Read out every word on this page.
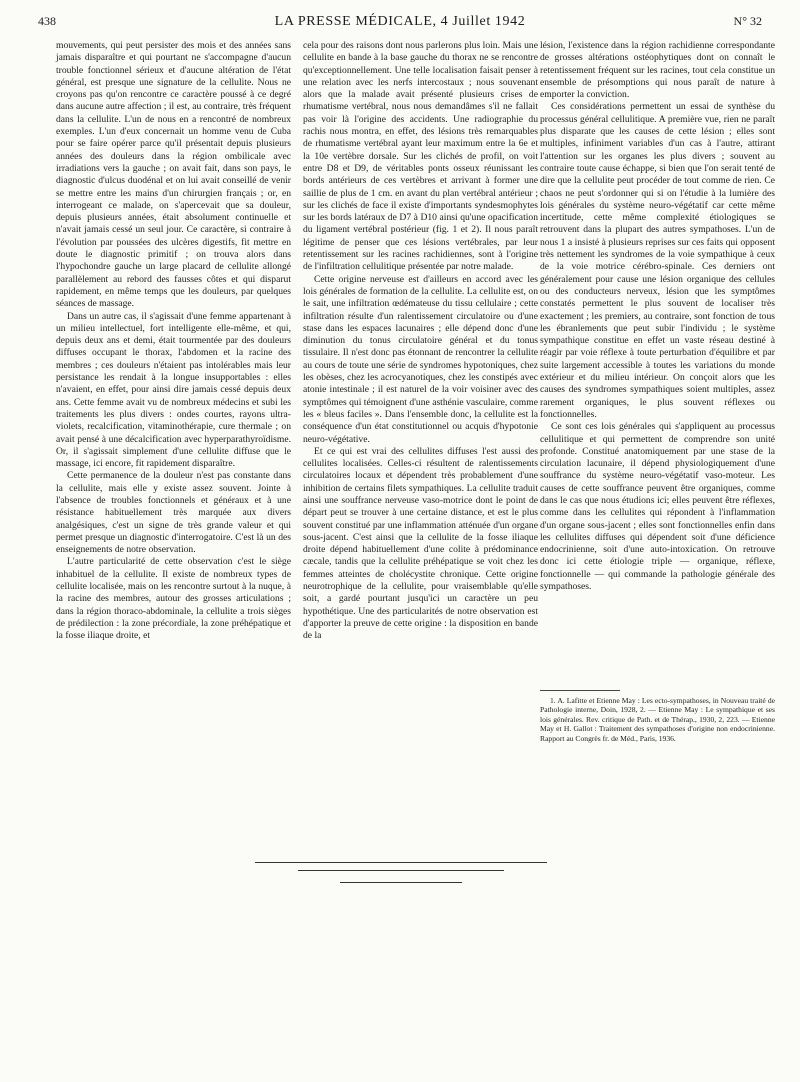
438	LA PRESSE MÉDICALE, 4 Juillet 1942	N° 32

mouvements, qui peut persister des mois et des années sans jamais disparaître et qui pourtant ne s'accompagne d'aucun trouble fonctionnel sérieux et d'aucune altération de l'état général, est presque une signature de la cellulite. Nous ne croyons pas qu'on rencontre ce caractère poussé à ce degré dans aucune autre affection ; il est, au contraire, très fréquent dans la cellulite. L'un de nous en a rencontré de nombreux exemples. L'un d'eux concernait un homme venu de Cuba pour se faire opérer parce qu'il présentait depuis plusieurs années des douleurs dans la région ombilicale avec irradiations vers la gauche ; on avait fait, dans son pays, le diagnostic d'ulcus duodénal et on lui avait conseillé de venir se mettre entre les mains d'un chirurgien français ; or, en interrogeant ce malade, on s'apercevait que sa douleur, depuis plusieurs années, était absolument continuelle et n'avait jamais cessé un seul jour. Ce caractère, si contraire à l'évolution par poussées des ulcères digestifs, fit mettre en doute le diagnostic primitif ; on trouva alors dans l'hypochondre gauche un large placard de cellulite allongé parallèlement au rebord des fausses côtes et qui disparut rapidement, en même temps que les douleurs, par quelques séances de massage.

Dans un autre cas, il s'agissait d'une femme appartenant à un milieu intellectuel, fort intelligente elle-même, et qui, depuis deux ans et demi, était tourmentée par des douleurs diffuses occupant le thorax, l'abdomen et la racine des membres ; ces douleurs n'étaient pas intolérables mais leur persistance les rendait à la longue insupportables : elles n'avaient, en effet, pour ainsi dire jamais cessé depuis deux ans. Cette femme avait vu de nombreux médecins et subi les traitements les plus divers : ondes courtes, rayons ultra-violets, recalcification, vitaminothérapie, cure thermale ; on avait pensé à une décalcification avec hyperparathyroïdisme. Or, il s'agissait simplement d'une cellulite diffuse que le massage, ici encore, fit rapidement disparaître.

Cette permanence de la douleur n'est pas constante dans la cellulite, mais elle y existe assez souvent. Jointe à l'absence de troubles fonctionnels et généraux et à une résistance habituellement très marquée aux divers analgésiques, c'est un signe de très grande valeur et qui permet presque un diagnostic d'interrogatoire. C'est là un des enseignements de notre observation.

L'autre particularité de cette observation c'est le siège inhabituel de la cellulite. Il existe de nombreux types de cellulite localisée, mais on les rencontre surtout à la nuque, à la racine des membres, autour des grosses articulations ; dans la région thoraco-abdominale, la cellulite a trois sièges de prédilection : la zone précordiale, la zone préhépatique et la fosse iliaque droite, et

cela pour des raisons dont nous parlerons plus loin. Mais une cellulite en bande à la base gauche du thorax ne se rencontre qu'exceptionnellement. Une telle localisation faisait penser à une relation avec les nerfs intercostaux ; nous souvenant alors que la malade avait présenté plusieurs crises de rhumatisme vertébral, nous nous demandâmes s'il ne fallait pas voir là l'origine des accidents. Une radiographie du rachis nous montra, en effet, des lésions très remarquables de rhumatisme vertébral ayant leur maximum entre la 6e et la 10e vertèbre dorsale. Sur les clichés de profil, on voit entre D8 et D9, de véritables ponts osseux réunissant les bords antérieurs de ces vertèbres et arrivant à former une saillie de plus de 1 cm. en avant du plan vertébral antérieur ; sur les clichés de face il existe d'importants syndesmophytes sur les bords latéraux de D7 à D10 ainsi qu'une opacification du ligament vertébral postérieur (fig. 1 et 2). Il nous paraît légitime de penser que ces lésions vertébrales, par leur retentissement sur les racines rachidiennes, sont à l'origine de l'infiltration cellulitique présentée par notre malade.

Cette origine nerveuse est d'ailleurs en accord avec les lois générales de formation de la cellulite. La cellulite est, on le sait, une infiltration œdémateuse du tissu cellulaire ; cette infiltration résulte d'un ralentissement circulatoire ou d'une stase dans les espaces lacunaires ; elle dépend donc d'une diminution du tonus circulatoire général et du tonus tissulaire. Il n'est donc pas étonnant de rencontrer la cellulite au cours de toute une série de syndromes hypotoniques, chez les obèses, chez les acrocyanotiques, chez les constipés avec atonie intestinale ; il est naturel de la voir voisiner avec des symptômes qui témoignent d'une asthénie vasculaire, comme les « bleus faciles ». Dans l'ensemble donc, la cellulite est la conséquence d'un état constitutionnel ou acquis d'hypotonie neuro-végétative.

Et ce qui est vrai des cellulites diffuses l'est aussi des cellulites localisées. Celles-ci résultent de ralentissements circulatoires locaux et dépendent très probablement d'une inhibition de certains filets sympathiques. La cellulite traduit ainsi une souffrance nerveuse vaso-motrice dont le point de départ peut se trouver à une certaine distance, et est le plus souvent constitué par une inflammation atténuée d'un organe sous-jacent. C'est ainsi que la cellulite de la fosse iliaque droite dépend habituellement d'une colite à prédominance cæcale, tandis que la cellulite préhépatique se voit chez les femmes atteintes de cholécystite chronique. Cette origine neurotrophique de la cellulite, pour vraisemblable qu'elle soit, a gardé pourtant jusqu'ici un caractère un peu hypothétique. Une des particularités de notre observation est d'apporter la preuve de cette origine : la disposition en bande de la

lésion, l'existence dans la région rachidienne correspondante de grosses altérations ostéophytiques dont on connaît le retentissement fréquent sur les racines, tout cela constitue un ensemble de présomptions qui nous paraît de nature à emporter la conviction.

Ces considérations permettent un essai de synthèse du processus général cellulitique. A première vue, rien ne paraît plus disparate que les causes de cette lésion ; elles sont multiples, infiniment variables d'un cas à l'autre, attirant l'attention sur les organes les plus divers ; souvent au contraire toute cause échappe, si bien que l'on serait tenté de dire que la cellulite peut procéder de tout comme de rien. Ce chaos ne peut s'ordonner qui si on l'étudie à la lumière des lois générales du système neuro-végétatif car cette même incertitude, cette même complexité étiologiques se retrouvent dans la plupart des autres sympathoses. L'un de nous 1 a insisté à plusieurs reprises sur ces faits qui opposent très nettement les syndromes de la voie sympathique à ceux de la voie motrice cérébro-spinale. Ces derniers ont généralement pour cause une lésion organique des cellules ou des conducteurs nerveux, lésion que les symptômes constatés permettent le plus souvent de localiser très exactement ; les premiers, au contraire, sont fonction de tous les ébranlements que peut subir l'individu ; le système sympathique constitue en effet un vaste réseau destiné à réagir par voie réflexe à toute perturbation d'équilibre et par suite largement accessible à toutes les variations du monde extérieur et du milieu intérieur. On conçoit alors que les causes des syndromes sympathiques soient multiples, assez rarement organiques, le plus souvent réflexes ou fonctionnelles.

Ce sont ces lois générales qui s'appliquent au processus cellulitique et qui permettent de comprendre son unité profonde. Constitué anatomiquement par une stase de la circulation lacunaire, il dépend physiologiquement d'une souffrance du système neuro-végétatif vaso-moteur. Les causes de cette souffrance peuvent être organiques, comme dans le cas que nous étudions ici; elles peuvent être réflexes, comme dans les cellulites qui répondent à l'inflammation d'un organe sous-jacent ; elles sont fonctionnelles enfin dans les cellulites diffuses qui dépendent soit d'une déficience endocrinienne, soit d'une auto-intoxication. On retrouve donc ici cette étiologie triple — organique, réflexe, fonctionnelle — qui commande la pathologie générale des sympathoses.

1. A. Lafitte et Etienne May : Les ecto-sympathoses, in Nouveau traité de Pathologie interne, Doin, 1928, 2. — Etienne May : Le sympathique et ses lois générales. Rev. critique de Path. et de Thérap., 1930, 2, 223. — Etienne May et H. Gallot : Traitement des sympathoses d'origine non endocrinienne. Rapport au Congrès fr. de Méd., Paris, 1936.
